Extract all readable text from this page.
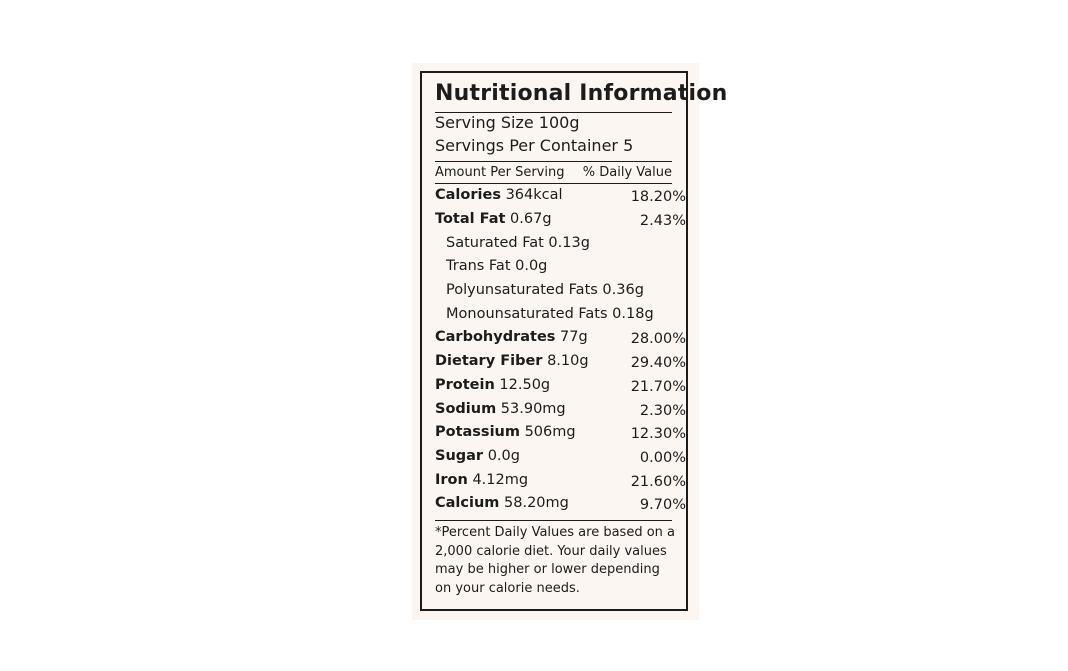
Nutritional Information
Serving Size 100g
Servings Per Container 5
Amount Per Serving % Daily Value
Calories 364kcal	18.20%
Total Fat 0.67g	2.43%
Saturated Fat 0.13g
Trans Fat 0.0g
Polyunsaturated Fats 0.36g
Monounsaturated Fats 0.18g
Carbohydrates 77g	28.00%
Dietary Fiber 8.10g	29.40%
Protein 12.50g	21.70%
Sodium 53.90mg	2.30%
Potassium 506mg	12.30%
Sugar 0.0g	0.00%
Iron 4.12mg	21.60%
Calcium 58.20mg	9.70%
*Percent Daily Values are based on a 2,000 calorie diet. Your daily values may be higher or lower depending on your calorie needs.
